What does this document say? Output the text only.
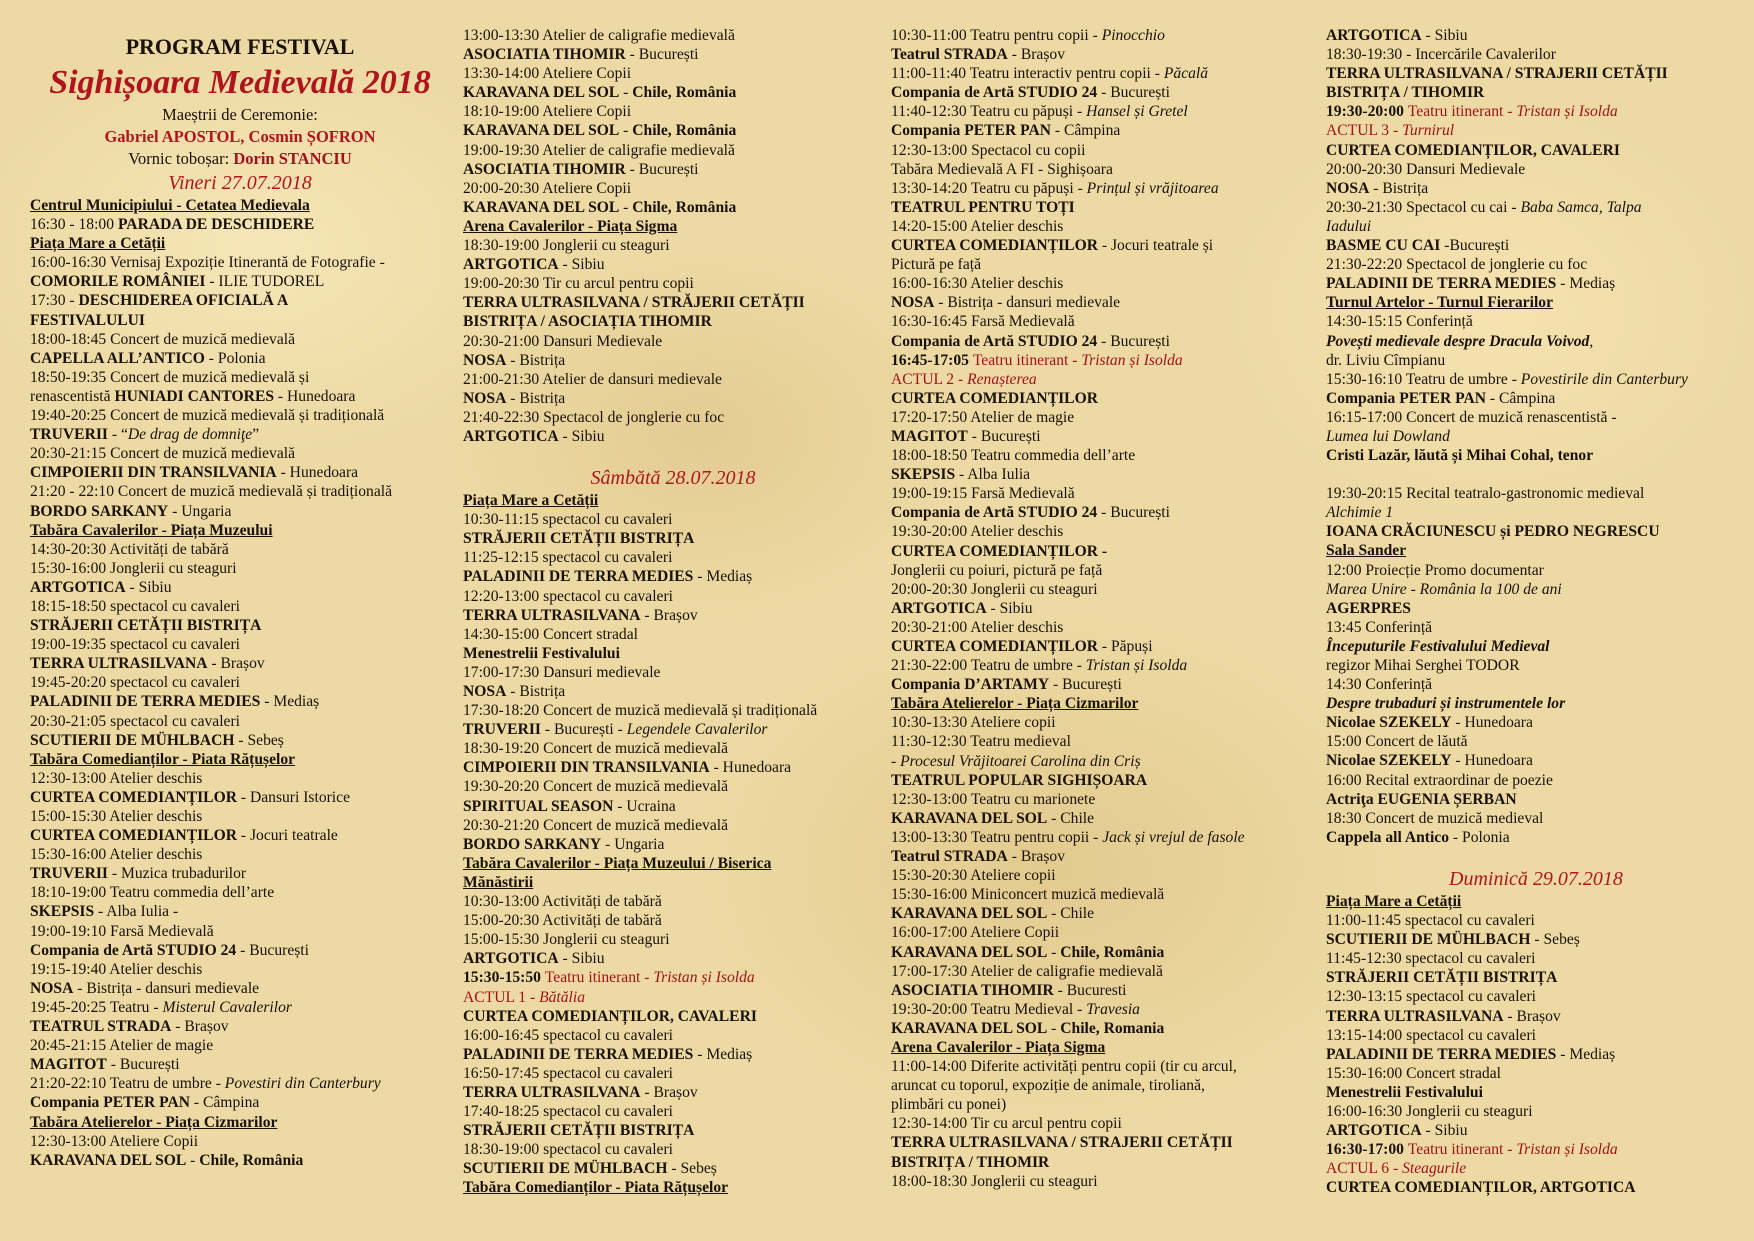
PROGRAM FESTIVAL
Sighișoara Medievală 2018
Maeștrii de Ceremonie:
Gabriel APOSTOL, Cosmin ȘOFRON
Vornic toboșar: Dorin STANCIU
Vineri 27.07.2018
Centrul Municipiului - Cetatea Medievala
16:30 - 18:00 PARADA DE DESCHIDERE
Piața Mare a Cetății
16:00-16:30 Vernisaj Expoziție Itinerantă de Fotografie -
COMORILE ROMÂNIEI - ILIE TUDOREL
17:30 - DESCHIDEREA OFICIALĂ A
FESTIVALULUI
18:00-18:45 Concert de muzică medievală
CAPELLA ALL’ANTICO - Polonia
18:50-19:35 Concert de muzică medievală și
renascentistă HUNIADI CANTORES - Hunedoara
19:40-20:25 Concert de muzică medievală și tradițională
TRUVERII - “De drag de domniţe”
20:30-21:15 Concert de muzică medievală
CIMPOIERII DIN TRANSILVANIA - Hunedoara
21:20 - 22:10 Concert de muzică medievală și tradițională
BORDO SARKANY - Ungaria
Tabăra Cavalerilor - Piața Muzeului
14:30-20:30 Activități de tabără
15:30-16:00 Jonglerii cu steaguri
ARTGOTICA - Sibiu
18:15-18:50 spectacol cu cavaleri
STRĂJERII CETĂȚII BISTRIȚA
19:00-19:35 spectacol cu cavaleri
TERRA ULTRASILVANA - Brașov
19:45-20:20 spectacol cu cavaleri
PALADINII DE TERRA MEDIES - Mediaș
20:30-21:05 spectacol cu cavaleri
SCUTIERII DE MÜHLBACH - Sebeș
Tabăra Comedianților - Piata Rățușelor
12:30-13:00 Atelier deschis
CURTEA COMEDIANȚILOR - Dansuri Istorice
15:00-15:30 Atelier deschis
CURTEA COMEDIANȚILOR - Jocuri teatrale
15:30-16:00 Atelier deschis
TRUVERII - Muzica trubadurilor
18:10-19:00 Teatru commedia dell’arte
SKEPSIS - Alba Iulia -
19:00-19:10 Farsă Medievală
Compania de Artă STUDIO 24 - București
19:15-19:40 Atelier deschis
NOSA - Bistrița - dansuri medievale
19:45-20:25 Teatru - Misterul Cavalerilor
TEATRUL STRADA - Brașov
20:45-21:15 Atelier de magie
MAGITOT - București
21:20-22:10 Teatru de umbre - Povestiri din Canterbury
Compania PETER PAN - Câmpina
Tabăra Atelierelor - Piața Cizmarilor
12:30-13:00 Ateliere Copii
KARAVANA DEL SOL - Chile, România
13:00-13:30 Atelier de caligrafie medievală
ASOCIATIA TIHOMIR - București
13:30-14:00 Ateliere Copii
KARAVANA DEL SOL - Chile, România
18:10-19:00 Ateliere Copii
KARAVANA DEL SOL - Chile, România
19:00-19:30 Atelier de caligrafie medievală
ASOCIATIA TIHOMIR - București
20:00-20:30 Ateliere Copii
KARAVANA DEL SOL - Chile, România
Arena Cavalerilor - Piața Sigma
18:30-19:00 Jonglerii cu steaguri
ARTGOTICA - Sibiu
19:00-20:30 Tir cu arcul pentru copii
TERRA ULTRASILVANA / STRĂJERII CETĂȚII
BISTRIȚA / ASOCIAȚIA TIHOMIR
20:30-21:00 Dansuri Medievale
NOSA - Bistrița
21:00-21:30 Atelier de dansuri medievale
NOSA - Bistrița
21:40-22:30 Spectacol de jonglerie cu foc
ARTGOTICA - Sibiu
Sâmbătă 28.07.2018
Piața Mare a Cetății
10:30-11:15 spectacol cu cavaleri
STRĂJERII CETĂȚII BISTRIȚA
11:25-12:15 spectacol cu cavaleri
PALADINII DE TERRA MEDIES - Mediaș
12:20-13:00 spectacol cu cavaleri
TERRA ULTRASILVANA - Brașov
14:30-15:00 Concert stradal
Menestrelii Festivalului
17:00-17:30 Dansuri medievale
NOSA - Bistrița
17:30-18:20 Concert de muzică medievală și tradițională
TRUVERII - București - Legendele Cavalerilor
18:30-19:20 Concert de muzică medievală
CIMPOIERII DIN TRANSILVANIA - Hunedoara
19:30-20:20 Concert de muzică medievală
SPIRITUAL SEASON - Ucraina
20:30-21:20 Concert de muzică medievală
BORDO SARKANY - Ungaria
Tabăra Cavalerilor - Piața Muzeului / Biserica
Mănăstirii
10:30-13:00 Activități de tabără
15:00-20:30 Activități de tabără
15:00-15:30 Jonglerii cu steaguri
ARTGOTICA - Sibiu
15:30-15:50 Teatru itinerant - Tristan și Isolda
ACTUL 1 - Bătălia
CURTEA COMEDIANȚILOR, CAVALERI
16:00-16:45 spectacol cu cavaleri
PALADINII DE TERRA MEDIES - Mediaș
16:50-17:45 spectacol cu cavaleri
TERRA ULTRASILVANA - Brașov
17:40-18:25 spectacol cu cavaleri
STRĂJERII CETĂȚII BISTRIȚA
18:30-19:00 spectacol cu cavaleri
SCUTIERII DE MÜHLBACH - Sebeș
Tabăra Comedianților - Piata Rățușelor
10:30-11:00 Teatru pentru copii - Pinocchio
Teatrul STRADA - Brașov
11:00-11:40 Teatru interactiv pentru copii - Păcală
Compania de Artă STUDIO 24 - București
11:40-12:30 Teatru cu păpuși - Hansel și Gretel
Compania PETER PAN - Câmpina
12:30-13:00 Spectacol cu copii
Tabăra Medievală A FI - Sighișoara
13:30-14:20 Teatru cu păpuși - Prințul și vrăjitoarea
TEATRUL PENTRU TOȚI
14:20-15:00 Atelier deschis
CURTEA COMEDIANȚILOR - Jocuri teatrale și
Pictură pe față
16:00-16:30 Atelier deschis
NOSA - Bistrița - dansuri medievale
16:30-16:45 Farsă Medievală
Compania de Artă STUDIO 24 - București
16:45-17:05 Teatru itinerant - Tristan și Isolda
ACTUL 2 - Renașterea
CURTEA COMEDIANȚILOR
17:20-17:50 Atelier de magie
MAGITOT - București
18:00-18:50 Teatru commedia dell’arte
SKEPSIS - Alba Iulia
19:00-19:15 Farsă Medievală
Compania de Artă STUDIO 24 - București
19:30-20:00 Atelier deschis
CURTEA COMEDIANȚILOR -
Jonglerii cu poiuri, pictură pe față
20:00-20:30 Jonglerii cu steaguri
ARTGOTICA - Sibiu
20:30-21:00 Atelier deschis
CURTEA COMEDIANȚILOR - Păpuși
21:30-22:00 Teatru de umbre - Tristan și Isolda
Compania D’ARTAMY - București
Tabăra Atelierelor - Piața Cizmarilor
10:30-13:30 Ateliere copii
11:30-12:30 Teatru medieval
- Procesul Vrăjitoarei Carolina din Criș
TEATRUL POPULAR SIGHIȘOARA
12:30-13:00 Teatru cu marionete
KARAVANA DEL SOL - Chile
13:00-13:30 Teatru pentru copii - Jack și vrejul de fasole
Teatrul STRADA - Brașov
15:30-20:30 Ateliere copii
15:30-16:00 Miniconcert muzică medievală
KARAVANA DEL SOL - Chile
16:00-17:00 Ateliere Copii
KARAVANA DEL SOL - Chile, România
17:00-17:30 Atelier de caligrafie medievală
ASOCIATIA TIHOMIR - Bucuresti
19:30-20:00 Teatru Medieval - Travesia
KARAVANA DEL SOL - Chile, Romania
Arena Cavalerilor - Piața Sigma
11:00-14:00 Diferite activități pentru copii (tir cu arcul,
aruncat cu toporul, expoziție de animale, tiroliană,
plimbări cu ponei)
12:30-14:00 Tir cu arcul pentru copii
TERRA ULTRASILVANA / STRAJERII CETĂȚII
BISTRIȚA / TIHOMIR
18:00-18:30 Jonglerii cu steaguri
ARTGOTICA - Sibiu
18:30-19:30 - Incercările Cavalerilor
TERRA ULTRASILVANA / STRAJERII CETĂȚII
BISTRIȚA / TIHOMIR
19:30-20:00 Teatru itinerant - Tristan și Isolda
ACTUL 3 - Turnirul
CURTEA COMEDIANȚILOR, CAVALERI
20:00-20:30 Dansuri Medievale
NOSA - Bistrița
20:30-21:30 Spectacol cu cai - Baba Samca, Talpa
Iadului
BASME CU CAI -București
21:30-22:20 Spectacol de jonglerie cu foc
PALADINII DE TERRA MEDIES - Mediaș
Turnul Artelor - Turnul Fierarilor
14:30-15:15 Conferință
Povești medievale despre Dracula Voivod,
dr. Liviu Cîmpianu
15:30-16:10 Teatru de umbre - Povestirile din Canterbury
Compania PETER PAN - Câmpina
16:15-17:00 Concert de muzică renascentistă -
Lumea lui Dowland
Cristi Lazăr, lăută și Mihai Cohal, tenor
19:30-20:15 Recital teatralo-gastronomic medieval
Alchimie 1
IOANA CRĂCIUNESCU și PEDRO NEGRESCU
Sala Sander
12:00 Proiecție Promo documentar
Marea Unire - România la 100 de ani
AGERPRES
13:45 Conferință
Începuturile Festivalului Medieval
regizor Mihai Serghei TODOR
14:30 Conferință
Despre trubaduri și instrumentele lor
Nicolae SZEKELY - Hunedoara
15:00 Concert de lăută
Nicolae SZEKELY - Hunedoara
16:00 Recital extraordinar de poezie
Actriţa EUGENIA ȘERBAN
18:30 Concert de muzică medieval
Cappela all Antico - Polonia
Duminică 29.07.2018
Piața Mare a Cetății
11:00-11:45 spectacol cu cavaleri
SCUTIERII DE MÜHLBACH - Sebeș
11:45-12:30 spectacol cu cavaleri
STRĂJERII CETĂȚII BISTRIȚA
12:30-13:15 spectacol cu cavaleri
TERRA ULTRASILVANA - Brașov
13:15-14:00 spectacol cu cavaleri
PALADINII DE TERRA MEDIES - Mediaș
15:30-16:00 Concert stradal
Menestrelii Festivalului
16:00-16:30 Jonglerii cu steaguri
ARTGOTICA - Sibiu
16:30-17:00 Teatru itinerant - Tristan și Isolda
ACTUL 6 - Steagurile
CURTEA COMEDIANȚILOR, ARTGOTICA
